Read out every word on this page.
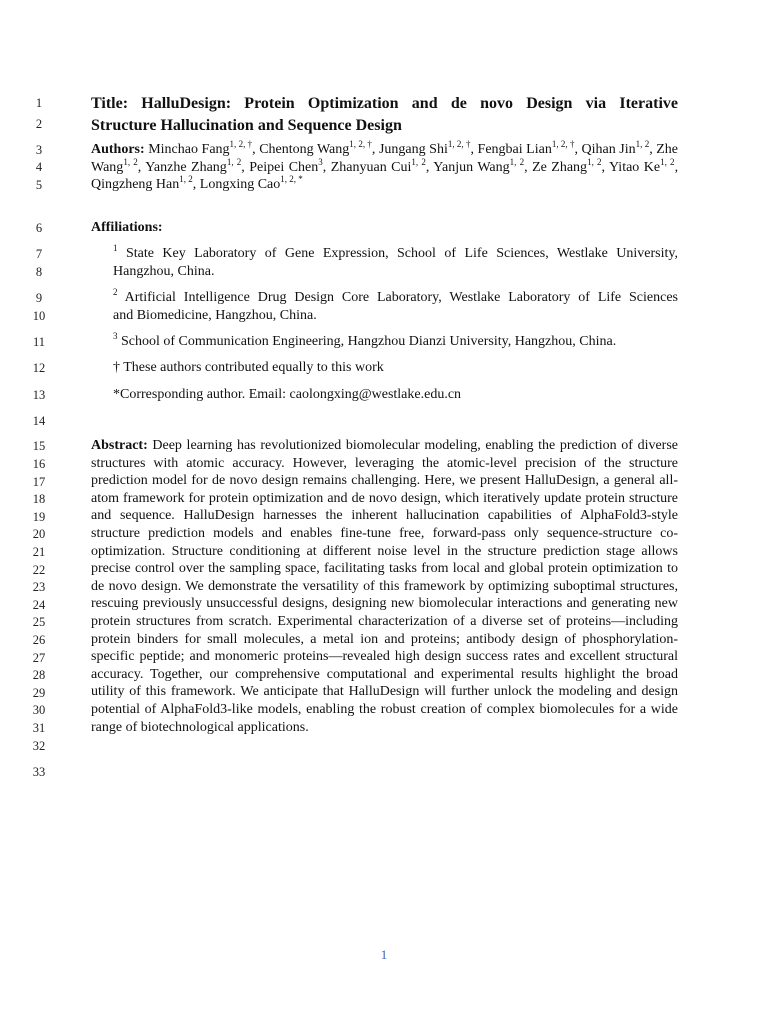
1
2
3
4
5
6
7
8
9
10
11
12
13
14
15
16
17
18
19
20
21
22
23
24
25
26
27
28
29
30
31
32
33
Title: HalluDesign: Protein Optimization and de novo Design via Iterative
Structure Hallucination and Sequence Design
Authors: Minchao Fang$^{1, 2, \dagger}$, Chentong Wang$^{1, 2, \dagger}$, Jungang Shi$^{1, 2, \dagger}$, Fengbai Lian$^{1, 2, \dagger}$, Qihan Jin$^{1, 2}$, Zhe Wang$^{1, 2}$, Yanzhe Zhang$^{1, 2}$, Peipei Chen$^3$, Zhanyuan Cui$^{1, 2}$, Yanjun Wang$^{1, 2}$, Ze Zhang$^{1, 2}$, Yitao Ke$^{1, 2}$, Qingzheng Han$^{1, 2}$, Longxing Cao$^{1, 2, *}$
Affiliations:
$^1$ State Key Laboratory of Gene Expression, School of Life Sciences, Westlake University,
Hangzhou, China.
$^2$ Artificial Intelligence Drug Design Core Laboratory, Westlake Laboratory of Life Sciences
and Biomedicine, Hangzhou, China.
$^3$ School of Communication Engineering, Hangzhou Dianzi University, Hangzhou, China.
† These authors contributed equally to this work
*Corresponding author. Email: caolongxing@westlake.edu.cn
Abstract: Deep learning has revolutionized biomolecular modeling, enabling the prediction of diverse structures with atomic accuracy. However, leveraging the atomic-level precision of the structure prediction model for de novo design remains challenging. Here, we present HalluDesign, a general all-atom framework for protein optimization and de novo design, which iteratively update protein structure and sequence. HalluDesign harnesses the inherent hallucination capabilities of AlphaFold3-style structure prediction models and enables fine-tune free, forward-pass only sequence-structure co-optimization. Structure conditioning at different noise level in the structure prediction stage allows precise control over the sampling space, facilitating tasks from local and global protein optimization to de novo design. We demonstrate the versatility of this framework by optimizing suboptimal structures, rescuing previously unsuccessful designs, designing new biomolecular interactions and generating new protein structures from scratch. Experimental characterization of a diverse set of proteins—including protein binders for small molecules, a metal ion and proteins; antibody design of phosphorylation-specific peptide; and monomeric proteins—revealed high design success rates and excellent structural accuracy. Together, our comprehensive computational and experimental results highlight the broad utility of this framework. We anticipate that HalluDesign will further unlock the modeling and design potential of AlphaFold3-like models, enabling the robust creation of complex biomolecules for a wide range of biotechnological applications.
1
